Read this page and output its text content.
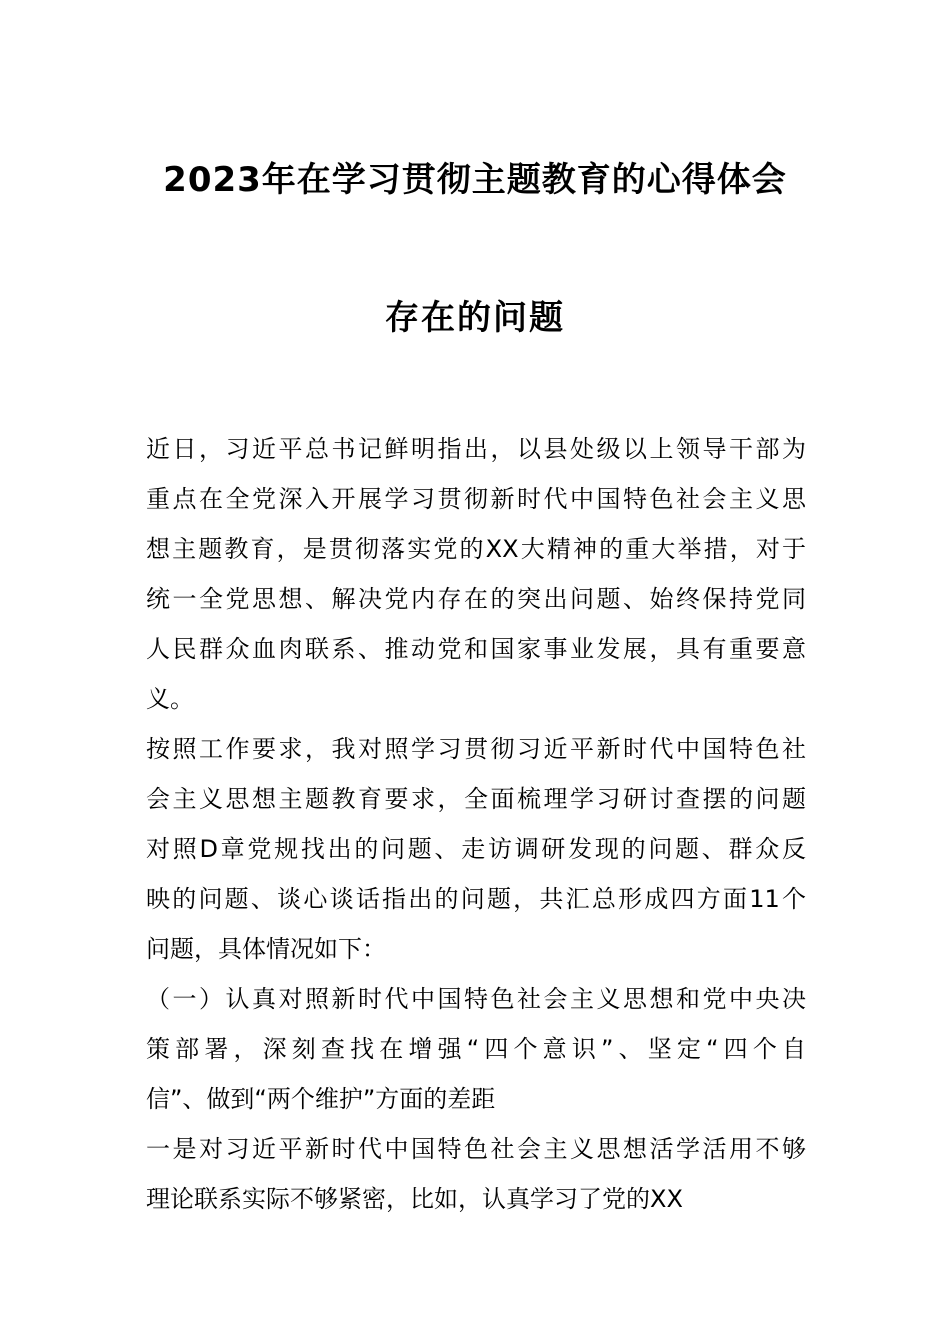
2023年在学习贯彻主题教育的心得体会
存在的问题
近日，习近平总书记鲜明指出，以县处级以上领导干部为
重点在全党深入开展学习贯彻新时代中国特色社会主义思
想主题教育，是贯彻落实党的XX大精神的重大举措，对于
统一全党思想、解决党内存在的突出问题、始终保持党同
人民群众血肉联系、推动党和国家事业发展，具有重要意
义。
按照工作要求，我对照学习贯彻习近平新时代中国特色社
会主义思想主题教育要求，全面梳理学习研讨查摆的问题
对照D章党规找出的问题、走访调研发现的问题、群众反
映的问题、谈心谈话指出的问题，共汇总形成四方面11个
问题，具体情况如下：
（一）认真对照新时代中国特色社会主义思想和党中央决
策部署，深刻查找在增强“四个意识”、坚定“四个自
信”、做到“两个维护”方面的差距
一是对习近平新时代中国特色社会主义思想活学活用不够
理论联系实际不够紧密，比如，认真学习了党的XX
